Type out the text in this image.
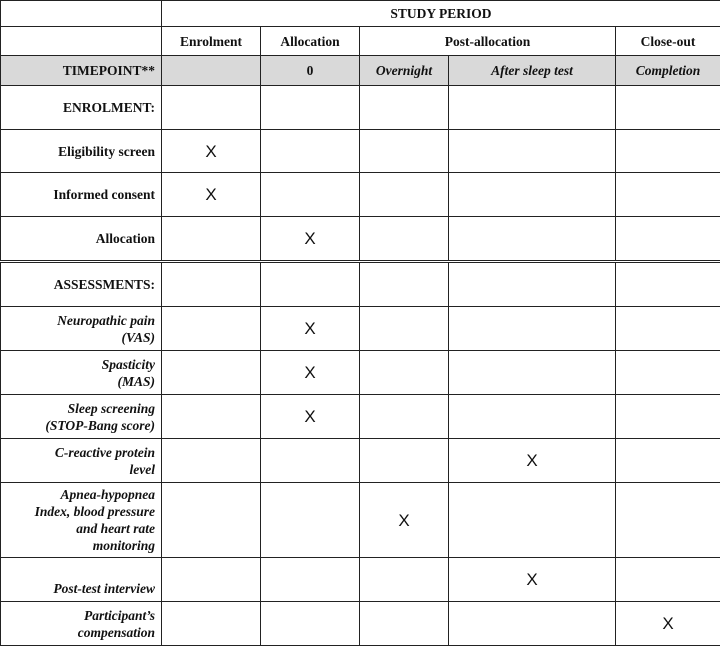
	STUDY PERIOD				
	Enrolment	Allocation	Post-allocation		Close-out
TIMEPOINT**		0	Overnight	After sleep test	Completion
ENROLMENT:					

Eligibility screen	X				

Informed consent	X				

Allocation		X			
ASSESSMENTS:					

Neuropathic pain
(VAS)		X			

Spasticity
(MAS)		X			

Sleep screening
(STOP-Bang score)		X			

C-reactive protein
level				X	

Apnea-hypopnea
Index, blood pressure
and heart rate
monitoring			X		

Post-test interview				X	

Participant’s
compensation					X
